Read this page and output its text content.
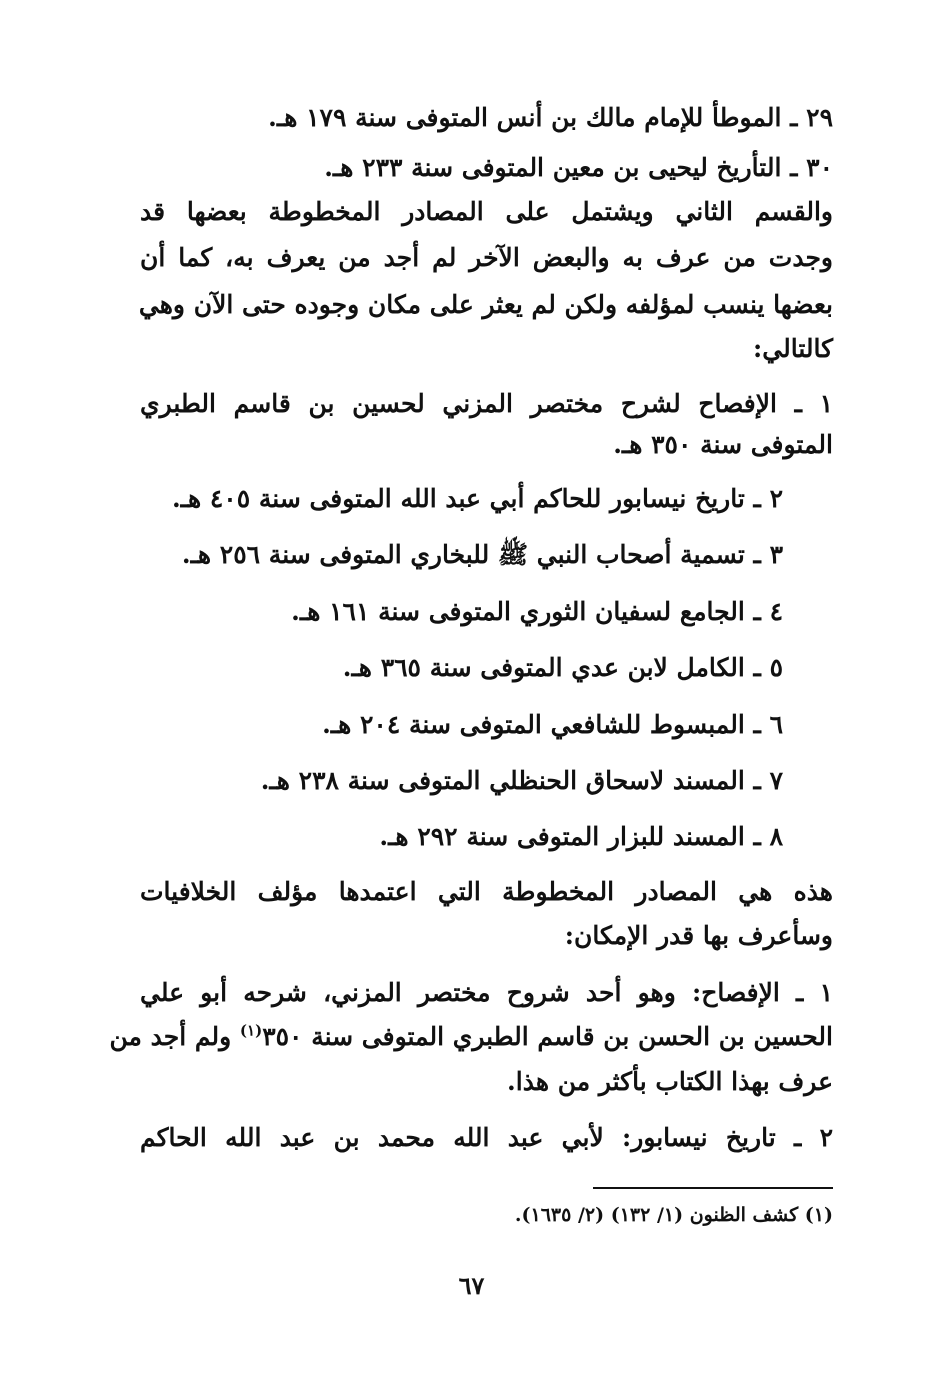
٢٩ ـ الموطأ للإمام مالك بن أنس المتوفى سنة ١٧٩ هـ.
٣٠ ـ التأريخ ليحيى بن معين المتوفى سنة ٢٣٣ هـ.
والقسم الثاني ويشتمل على المصادر المخطوطة بعضها قد
وجدت من عرف به والبعض الآخر لم أجد من يعرف به، كما أن
بعضها ينسب لمؤلفه ولكن لم يعثر على مكان وجوده حتى الآن وهي
كالتالي:
١ ـ الإفصاح لشرح مختصر المزني لحسين بن قاسم الطبري
المتوفى سنة ٣٥٠ هـ.
٢ ـ تاريخ نيسابور للحاكم أبي عبد الله المتوفى سنة ٤٠٥ هـ.
٣ ـ تسمية أصحاب النبي ﷺ للبخاري المتوفى سنة ٢٥٦ هـ.
٤ ـ الجامع لسفيان الثوري المتوفى سنة ١٦١ هـ.
٥ ـ الكامل لابن عدي المتوفى سنة ٣٦٥ هـ.
٦ ـ المبسوط للشافعي المتوفى سنة ٢٠٤ هـ.
٧ ـ المسند لاسحاق الحنظلي المتوفى سنة ٢٣٨ هـ.
٨ ـ المسند للبزار المتوفى سنة ٢٩٢ هـ.
هذه هي المصادر المخطوطة التي اعتمدها مؤلف الخلافيات
وسأعرف بها قدر الإمكان:
١ ـ الإفصاح: وهو أحد شروح مختصر المزني، شرحه أبو علي
الحسين بن الحسن بن قاسم الطبري المتوفى سنة ٣٥٠$^{(١)}$ ولم أجد من
عرف بهذا الكتاب بأكثر من هذا.
٢ ـ تاريخ نيسابور: لأبي عبد الله محمد بن عبد الله الحاكم
(١) كشف الظنون (١/ ١٣٢) (٢/ ١٦٣٥).
٦٧
